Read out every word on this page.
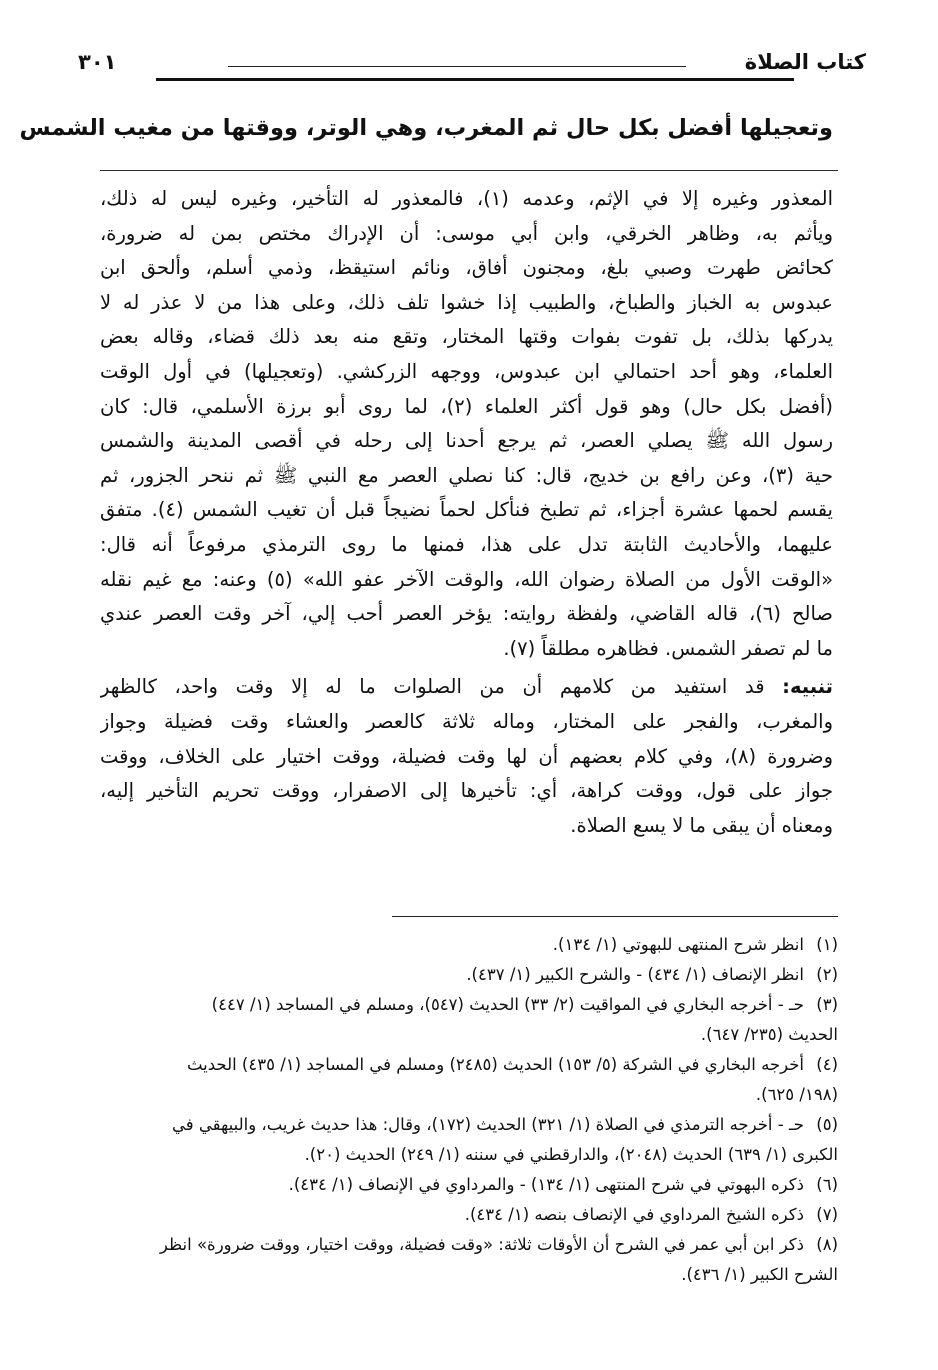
كتاب الصلاة
٣٠١
وتعجيلها أفضل بكل حال ثم المغرب، وهي الوتر، ووقتها من مغيب الشمس
المعذور وغيره إلا في الإثم، وعدمه (١)، فالمعذور له التأخير، وغيره ليس له ذلك،
ويأثم به، وظاهر الخرقي، وابن أبي موسى: أن الإدراك مختص بمن له ضرورة،
كحائض طهرت وصبي بلغ، ومجنون أفاق، ونائم استيقظ، وذمي أسلم، وألحق ابن
عبدوس به الخباز والطباخ، والطبيب إذا خشوا تلف ذلك، وعلى هذا من لا عذر له لا
يدركها بذلك، بل تفوت بفوات وقتها المختار، وتقع منه بعد ذلك قضاء، وقاله بعض
العلماء، وهو أحد احتمالي ابن عبدوس، ووجهه الزركشي. (وتعجيلها) في أول الوقت
(أفضل بكل حال) وهو قول أكثر العلماء (٢)، لما روى أبو برزة الأسلمي، قال: كان
رسول الله ﷺ يصلي العصر، ثم يرجع أحدنا إلى رحله في أقصى المدينة والشمس
حية (٣)، وعن رافع بن خديج، قال: كنا نصلي العصر مع النبي ﷺ ثم ننحر الجزور، ثم
يقسم لحمها عشرة أجزاء، ثم تطبخ فنأكل لحماً نضيجاً قبل أن تغيب الشمس (٤). متفق
عليهما، والأحاديث الثابتة تدل على هذا، فمنها ما روى الترمذي مرفوعاً أنه قال:
«الوقت الأول من الصلاة رضوان الله، والوقت الآخر عفو الله» (٥) وعنه: مع غيم نقله
صالح (٦)، قاله القاضي، ولفظة روايته: يؤخر العصر أحب إلي، آخر وقت العصر عندي
ما لم تصفر الشمس. فظاهره مطلقاً (٧).
تنبيه: قد استفيد من كلامهم أن من الصلوات ما له إلا وقت واحد، كالظهر
والمغرب، والفجر على المختار، وماله ثلاثة كالعصر والعشاء وقت فضيلة وجواز
وضرورة (٨)، وفي كلام بعضهم أن لها وقت فضيلة، ووقت اختيار على الخلاف، ووقت
جواز على قول، ووقت كراهة، أي: تأخيرها إلى الاصفرار، ووقت تحريم التأخير إليه،
ومعناه أن يبقى ما لا يسع الصلاة.
(١)
انظر شرح المنتهى للبهوتي (١/ ١٣٤).
(٢)
انظر الإنصاف (١/ ٤٣٤) - والشرح الكبير (١/ ٤٣٧).
(٣)
حـ - أخرجه البخاري في المواقيت (٢/ ٣٣) الحديث (٥٤٧)، ومسلم في المساجد (١/ ٤٤٧)
الحديث (٢٣٥/ ٦٤٧).
(٤)
أخرجه البخاري في الشركة (٥/ ١٥٣) الحديث (٢٤٨٥) ومسلم في المساجد (١/ ٤٣٥) الحديث
(١٩٨/ ٦٢٥).
(٥)
حـ - أخرجه الترمذي في الصلاة (١/ ٣٢١) الحديث (١٧٢)، وقال: هذا حديث غريب، والبيهقي في
الكبرى (١/ ٦٣٩) الحديث (٢٠٤٨)، والدارقطني في سننه (١/ ٢٤٩) الحديث (٢٠).
(٦)
ذكره البهوتي في شرح المنتهى (١/ ١٣٤) - والمرداوي في الإنصاف (١/ ٤٣٤).
(٧)
ذكره الشيخ المرداوي في الإنصاف بنصه (١/ ٤٣٤).
(٨)
ذكر ابن أبي عمر في الشرح أن الأوقات ثلاثة: «وقت فضيلة، ووقت اختيار، ووقت ضرورة» انظر
الشرح الكبير (١/ ٤٣٦).
